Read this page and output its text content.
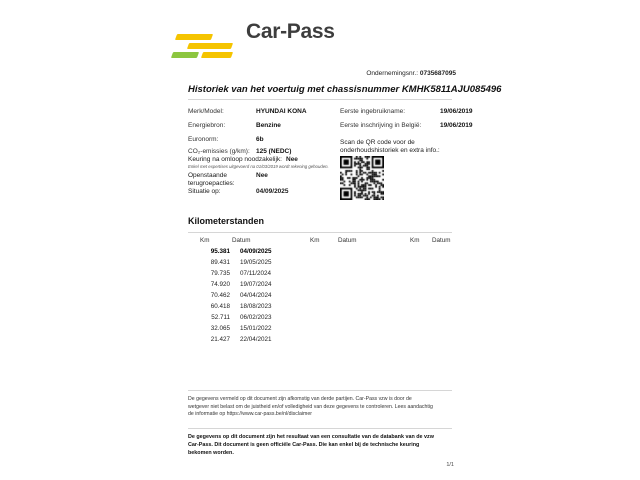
Car-Pass
Ondernemingsnr.: 0735687095
Historiek van het voertuig met chassisnummer KMHK5811AJU085496
Merk/Model:	HYUNDAI KONA
Energiebron:	Benzine
Euronorm:	6b
CO₂-emissies (g/km): 125 (NEDC)
Eerste ingebruikname:	19/06/2019
Eerste inschrijving in België:	19/06/2019
Keuring na omloop noodzakelijk: Nee
Enkel met expertises uitgevoerd na 01/03/2019 wordt rekening gehouden.
Openstaande	Nee
terugroepacties:
Situatie op:	04/09/2025
Scan de QR code voor de
onderhoudshistoriek en extra info.:
Kilometerstanden
Km	Datum	Km	Datum	Km Datum
95.381 04/09/2025
89.431 19/05/2025
79.735 07/11/2024
74.920 19/07/2024
70.462 04/04/2024
60.418 18/08/2023
52.711 06/02/2023
32.065 15/01/2022
21.427 22/04/2021
De gegevens vermeld op dit document zijn afkomstig van derde partijen. Car-Pass vzw is door de wetgever niet belast om de juistheid en/of volledigheid van deze gegevens te controleren. Lees aandachtig de informatie op https://www.car-pass.be/nl/disclaimer
De gegevens op dit document zijn het resultaat van een consultatie van de databank van de vzw Car-Pass. Dit document is geen officiële Car-Pass. Die kan enkel bij de technische keuring bekomen worden.
1/1
